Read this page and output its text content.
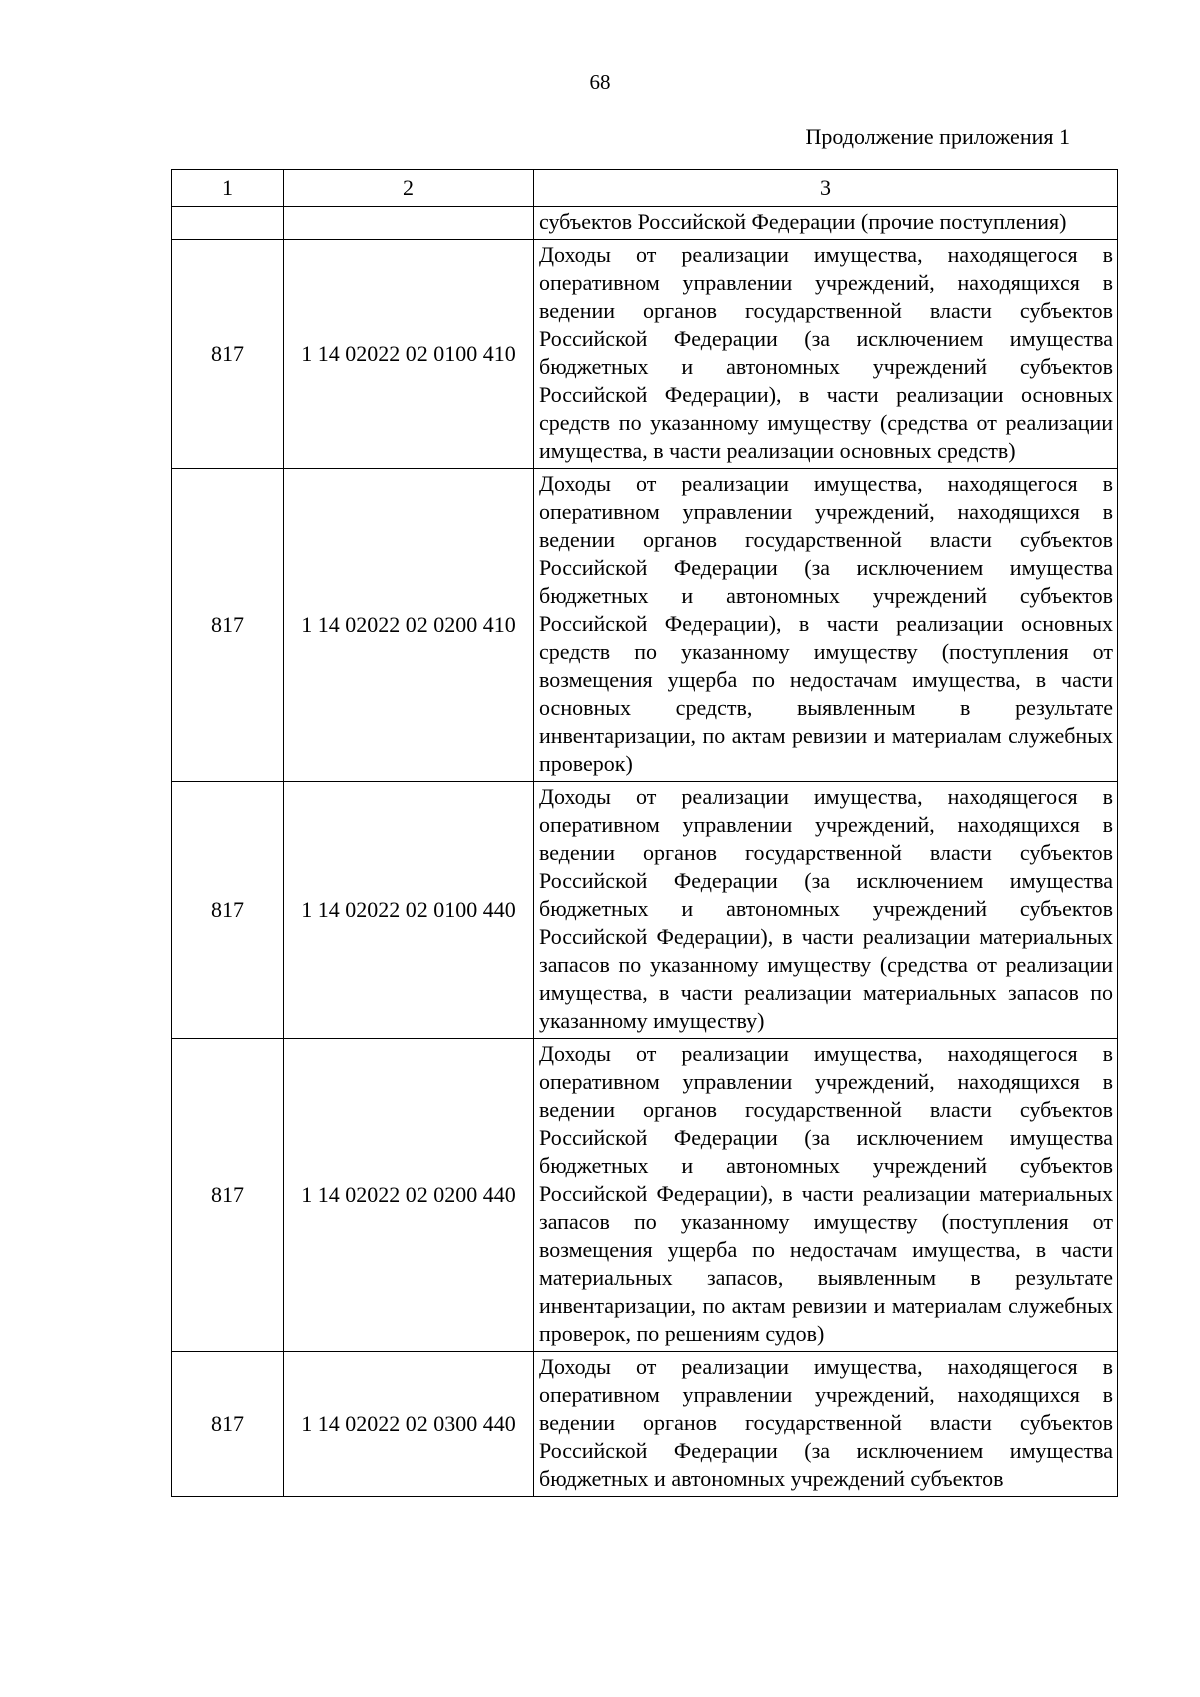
68
Продолжение приложения 1
1	2	3
		субъектов Российской Федерации (прочие поступления)
817	1 14 02022 02 0100 410	Доходы от реализации имущества, находящегося в оперативном управлении учреждений, находящихся в ведении органов государственной власти субъектов Российской Федерации (за исключением имущества бюджетных и автономных учреждений субъектов Российской Федерации), в части реализации основных средств по указанному имуществу (средства от реализации имущества, в части реализации основных средств)
817	1 14 02022 02 0200 410	Доходы от реализации имущества, находящегося в оперативном управлении учреждений, находящихся в ведении органов государственной власти субъектов Российской Федерации (за исключением имущества бюджетных и автономных учреждений субъектов Российской Федерации), в части реализации основных средств по указанному имуществу (поступления от возмещения ущерба по недостачам имущества, в части основных средств, выявленным в результате инвентаризации, по актам ревизии и материалам служебных проверок)
817	1 14 02022 02 0100 440	Доходы от реализации имущества, находящегося в оперативном управлении учреждений, находящихся в ведении органов государственной власти субъектов Российской Федерации (за исключением имущества бюджетных и автономных учреждений субъектов Российской Федерации), в части реализации материальных запасов по указанному имуществу (средства от реализации имущества, в части реализации материальных запасов по указанному имуществу)
817	1 14 02022 02 0200 440	Доходы от реализации имущества, находящегося в оперативном управлении учреждений, находящихся в ведении органов государственной власти субъектов Российской Федерации (за исключением имущества бюджетных и автономных учреждений субъектов Российской Федерации), в части реализации материальных запасов по указанному имуществу (поступления от возмещения ущерба по недостачам имущества, в части материальных запасов, выявленным в результате инвентаризации, по актам ревизии и материалам служебных проверок, по решениям судов)
817	1 14 02022 02 0300 440	Доходы от реализации имущества, находящегося в оперативном управлении учреждений, находящихся в ведении органов государственной власти субъектов Российской Федерации (за исключением имущества бюджетных и автономных учреждений субъектов
